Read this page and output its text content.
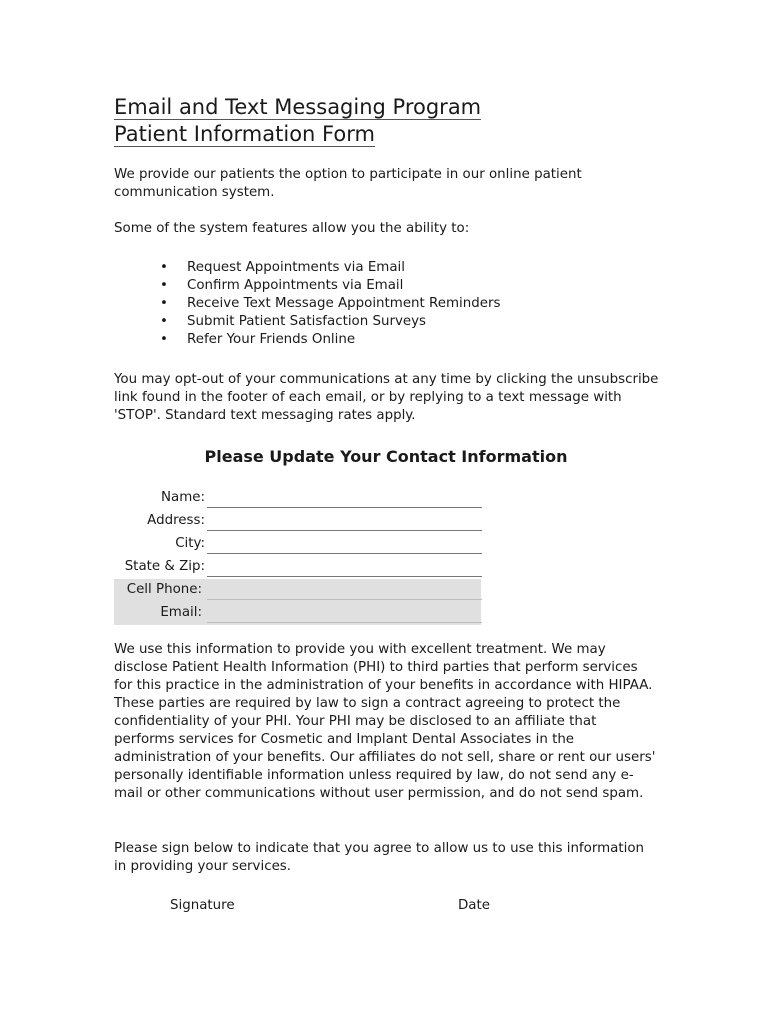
Email and Text Messaging Program Patient Information Form

We provide our patients the option to participate in our online patient communication system.

Some of the system features allow you the ability to:

• Request Appointments via Email
• Confirm Appointments via Email
• Receive Text Message Appointment Reminders
• Submit Patient Satisfaction Surveys
• Refer Your Friends Online

You may opt-out of your communications at any time by clicking the unsubscribe link found in the footer of each email, or by replying to a text message with 'STOP'. Standard text messaging rates apply.

Please Update Your Contact Information
Name:
Address:
City:
State & Zip:
Cell Phone:
Email:

We use this information to provide you with excellent treatment. We may disclose Patient Health Information (PHI) to third parties that perform services for this practice in the administration of your benefits in accordance with HIPAA. These parties are required by law to sign a contract agreeing to protect the confidentiality of your PHI. Your PHI may be disclosed to an affiliate that performs services for Cosmetic and Implant Dental Associates in the administration of your benefits. Our affiliates do not sell, share or rent our users' personally identifiable information unless required by law, do not send any e-mail or other communications without user permission, and do not send spam.

Please sign below to indicate that you agree to allow us to use this information in providing your services.

Signature	Date
